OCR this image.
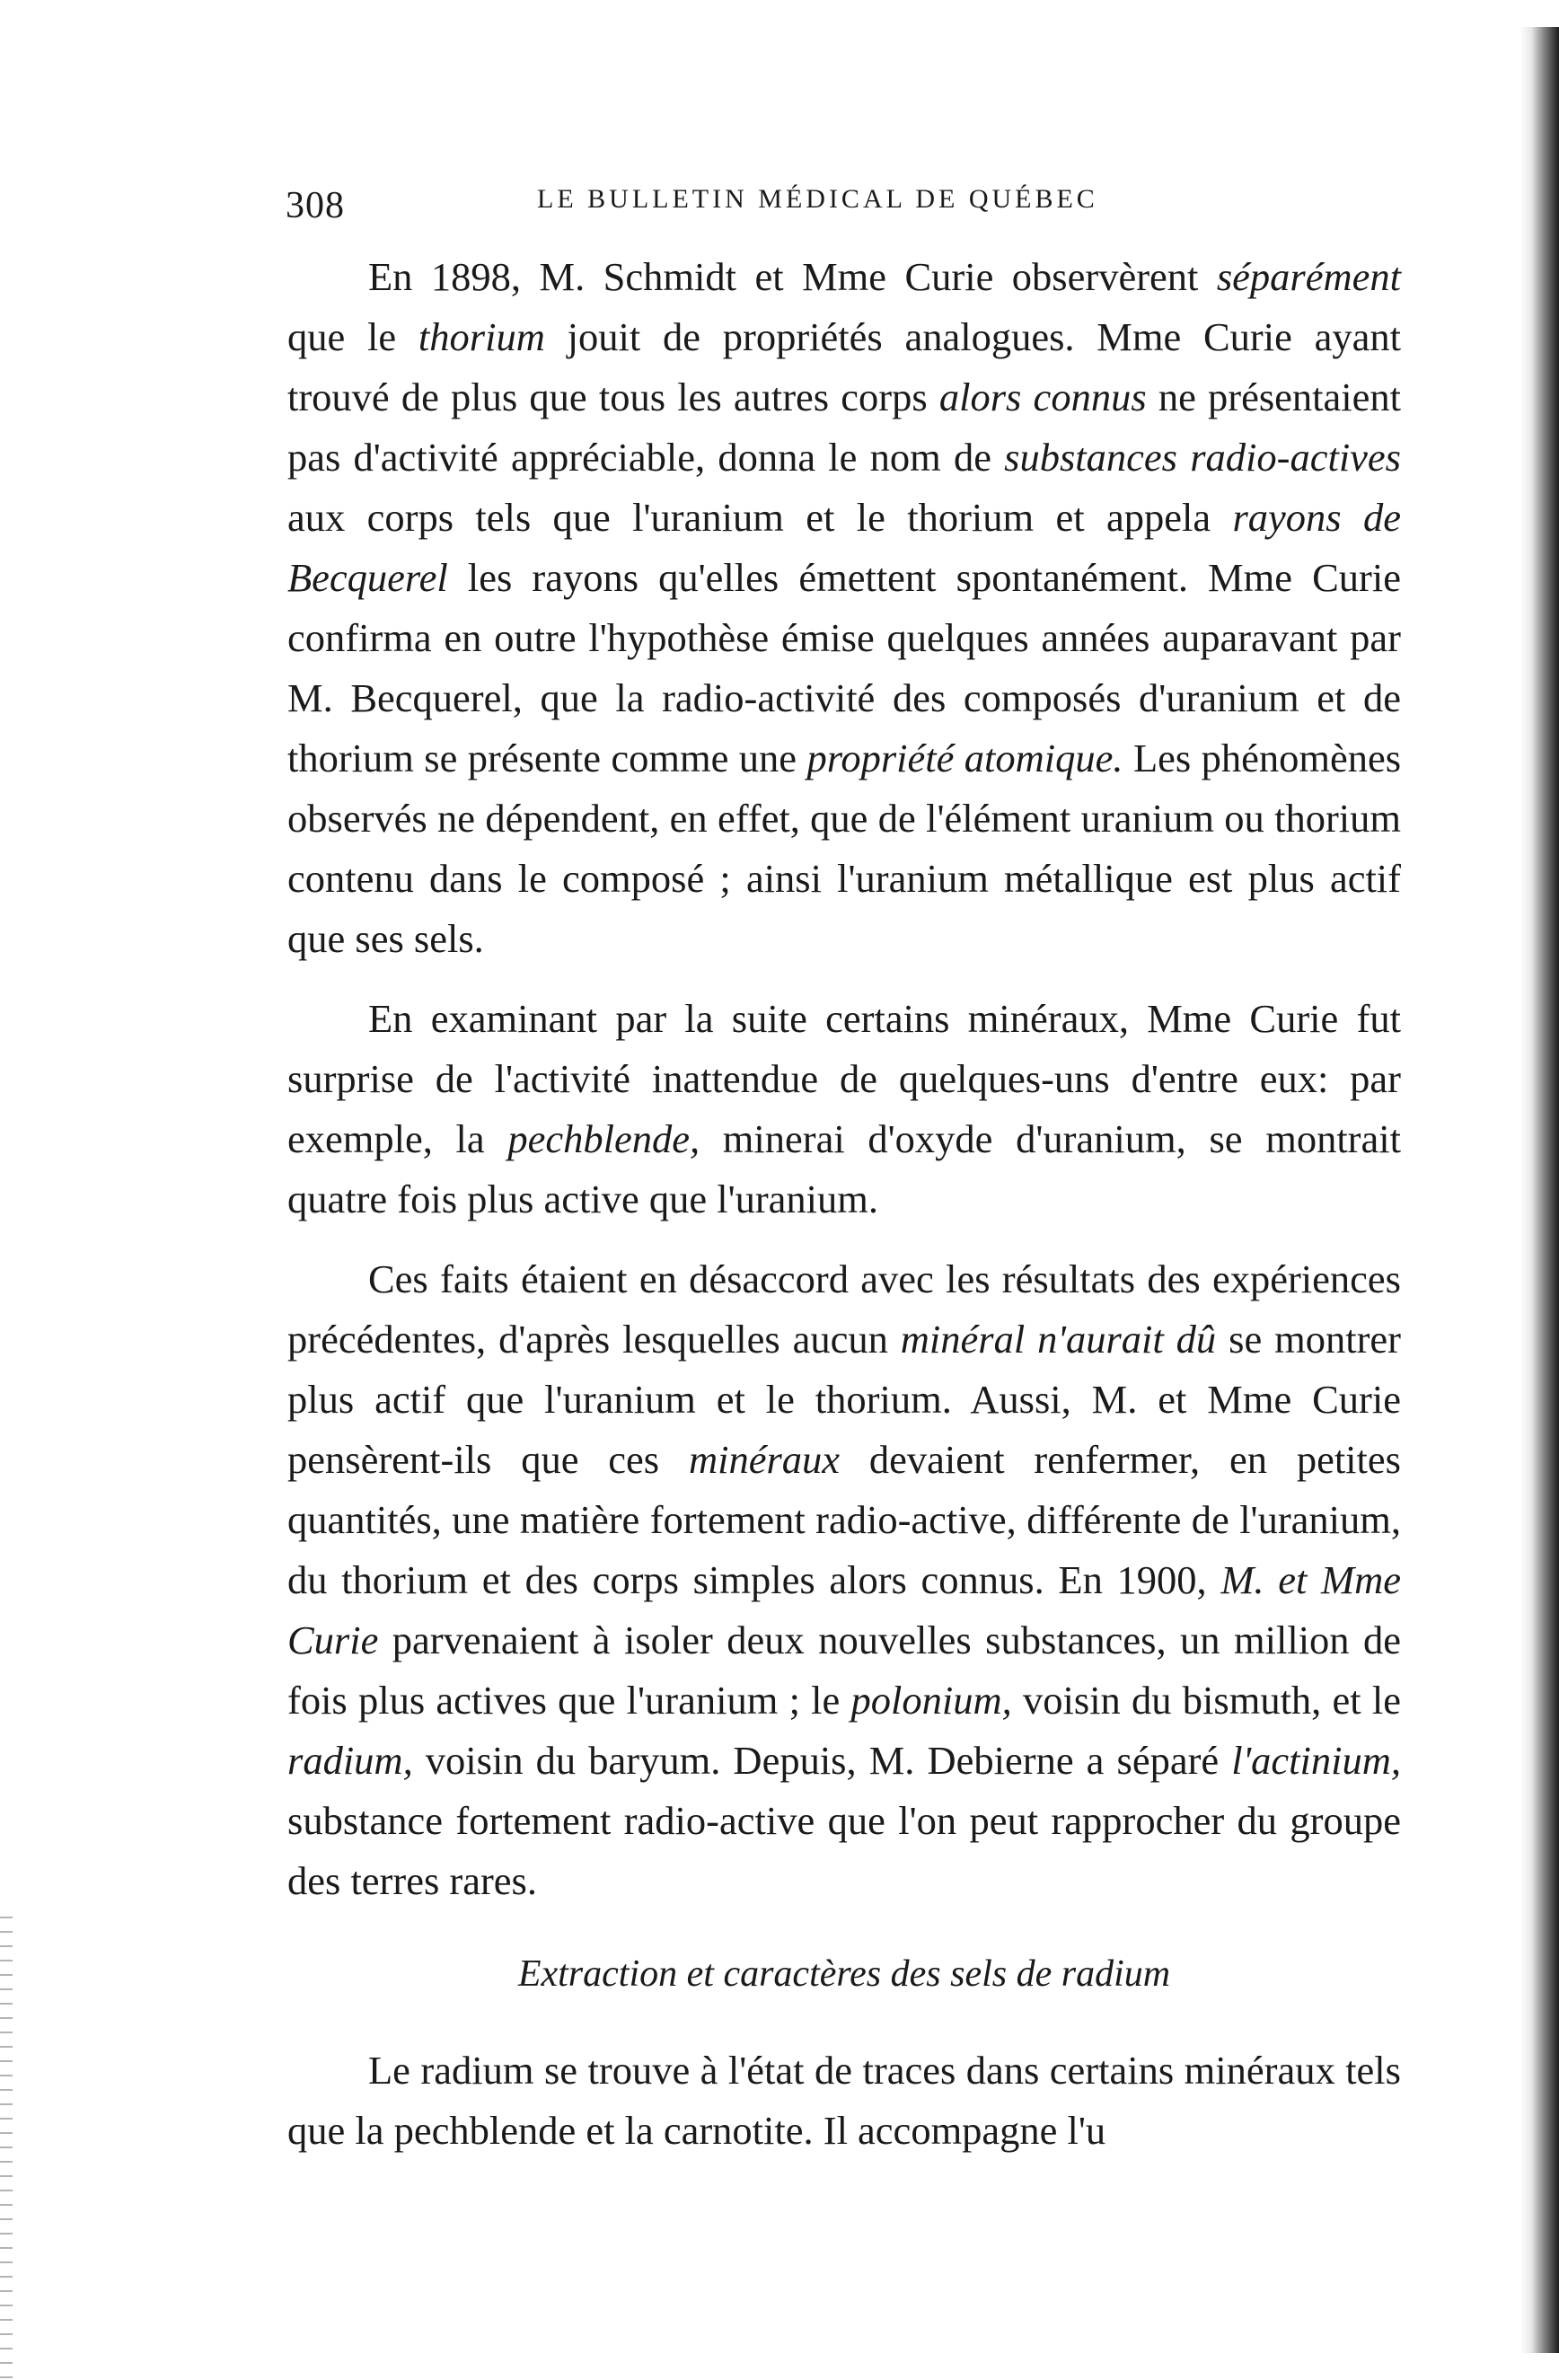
308	LE BULLETIN MÉDICAL DE QUÉBEC

En 1898, M. Schmidt et Mme Curie observèrent séparément que le thorium jouit de propriétés analogues. Mme Curie ayant trouvé de plus que tous les autres corps alors connus ne présentaient pas d'activité appréciable, donna le nom de substances radio-actives aux corps tels que l'uranium et le thorium et appela rayons de Becquerel les rayons qu'elles émettent spontanément. Mme Curie confirma en outre l'hypothèse émise quelques années auparavant par M. Becquerel, que la radio-activité des composés d'uranium et de thorium se présente comme une propriété atomique. Les phénomènes observés ne dépendent, en effet, que de l'élément uranium ou thorium contenu dans le composé ; ainsi l'uranium métallique est plus actif que ses sels.

En examinant par la suite certains minéraux, Mme Curie fut surprise de l'activité inattendue de quelques-uns d'entre eux: par exemple, la pechblende, minerai d'oxyde d'uranium, se montrait quatre fois plus active que l'uranium.

Ces faits étaient en désaccord avec les résultats des expériences précédentes, d'après lesquelles aucun minéral n'aurait dû se montrer plus actif que l'uranium et le thorium. Aussi, M. et Mme Curie pensèrent-ils que ces minéraux devaient renfermer, en petites quantités, une matière fortement radio-active, différente de l'uranium, du thorium et des corps simples alors connus. En 1900, M. et Mme Curie parvenaient à isoler deux nouvelles substances, un million de fois plus actives que l'uranium ; le polonium, voisin du bismuth, et le radium, voisin du baryum. Depuis, M. Debierne a séparé l'actinium, substance fortement radio-active que l'on peut rapprocher du groupe des terres rares.

Extraction et caractères des sels de radium

Le radium se trouve à l'état de traces dans certains minéraux tels que la pechblende et la carnotite. Il accompagne l'u
